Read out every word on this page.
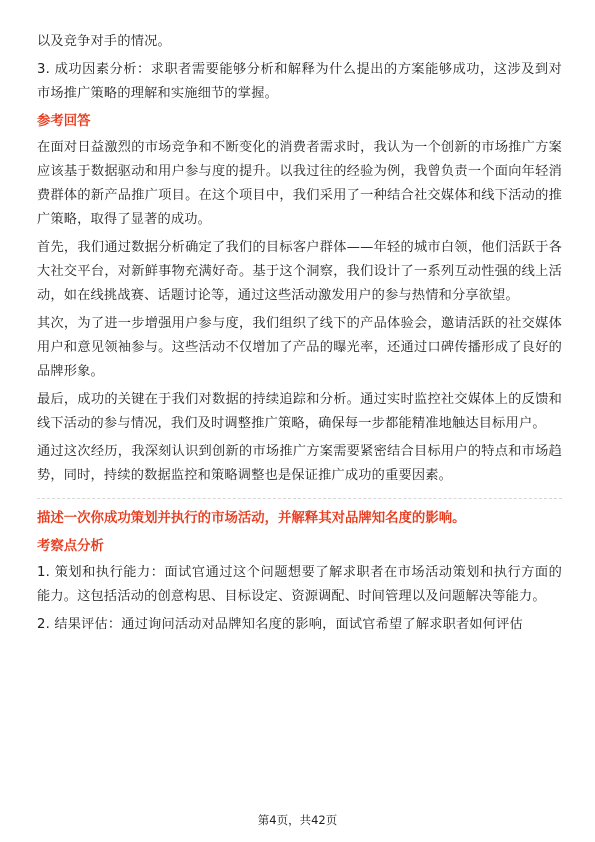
以及竞争对手的情况。

3. 成功因素分析：求职者需要能够分析和解释为什么提出的方案能够成功，这涉及到对市场推广策略的理解和实施细节的掌握。

参考回答

在面对日益激烈的市场竞争和不断变化的消费者需求时，我认为一个创新的市场推广方案应该基于数据驱动和用户参与度的提升。以我过往的经验为例，我曾负责一个面向年轻消费群体的新产品推广项目。在这个项目中，我们采用了一种结合社交媒体和线下活动的推广策略，取得了显著的成功。

首先，我们通过数据分析确定了我们的目标客户群体——年轻的城市白领，他们活跃于各大社交平台，对新鲜事物充满好奇。基于这个洞察，我们设计了一系列互动性强的线上活动，如在线挑战赛、话题讨论等，通过这些活动激发用户的参与热情和分享欲望。

其次，为了进一步增强用户参与度，我们组织了线下的产品体验会，邀请活跃的社交媒体用户和意见领袖参与。这些活动不仅增加了产品的曝光率，还通过口碑传播形成了良好的品牌形象。

最后，成功的关键在于我们对数据的持续追踪和分析。通过实时监控社交媒体上的反馈和线下活动的参与情况，我们及时调整推广策略，确保每一步都能精准地触达目标用户。

通过这次经历，我深刻认识到创新的市场推广方案需要紧密结合目标用户的特点和市场趋势，同时，持续的数据监控和策略调整也是保证推广成功的重要因素。

描述一次你成功策划并执行的市场活动，并解释其对品牌知名度的影响。
考察点分析

1. 策划和执行能力：面试官通过这个问题想要了解求职者在市场活动策划和执行方面的能力。这包括活动的创意构思、目标设定、资源调配、时间管理以及问题解决等能力。

2. 结果评估：通过询问活动对品牌知名度的影响，面试官希望了解求职者如何评估

第4页，共42页
